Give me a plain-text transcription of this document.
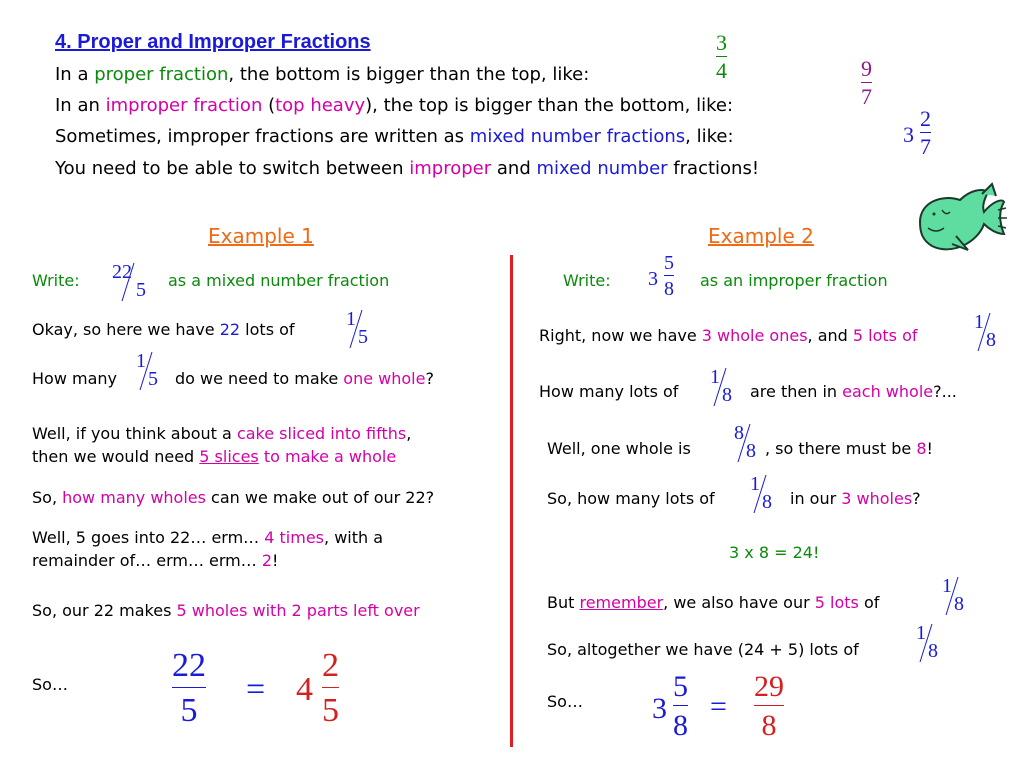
4. Proper and Improper Fractions
In a proper fraction, the bottom is bigger than the top, like:
In an improper fraction (top heavy), the top is bigger than the bottom, like:
Sometimes, improper fractions are written as mixed number fractions, like:
You need to be able to switch between improper and mixed number fractions!
3
4	9
7
3
2
7
Example 1	Example 2
Write: 22
5 as a mixed number fraction
Okay, so here we have 22 lots of	1
5
How many
1
5 do we need to make one whole?
Well, if you think about a cake sliced into fifths,
then we would need 5 slices to make a whole
So, how many wholes can we make out of our 22?
Well, 5 goes into 22… erm… 4 times, with a
remainder of… erm… erm… 2!
So, our 22 makes 5 wholes with 2 parts left over
So…
22
5
= 4
2
5
Write: 3
5
8 as an improper fraction
Right, now we have 3 whole ones, and 5 lots of
1
8
How many lots of
1
8 are then in each whole?...
Well, one whole is
8
8 , so there must be 8!
So, how many lots of
1
8 in our 3 wholes?
3 x 8 = 24!
But remember, we also have our 5 lots of
1
8
So, altogether we have (24 + 5) lots of
1
8
So… 3
5
8
=
29
8
